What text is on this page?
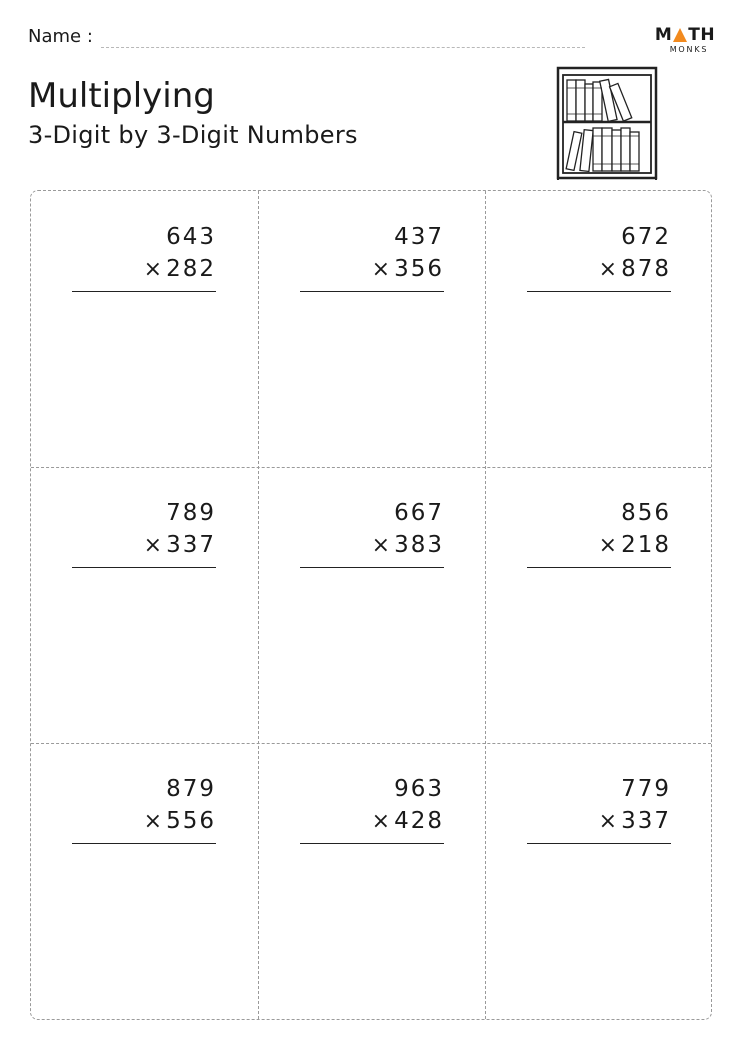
Name :	M TH
MONKS
Multiplying
3-Digit by 3-Digit Numbers
643
×282
437
×356
672
×878
789
×337
667
×383
856
×218
879
×556
963
×428
779
×337
